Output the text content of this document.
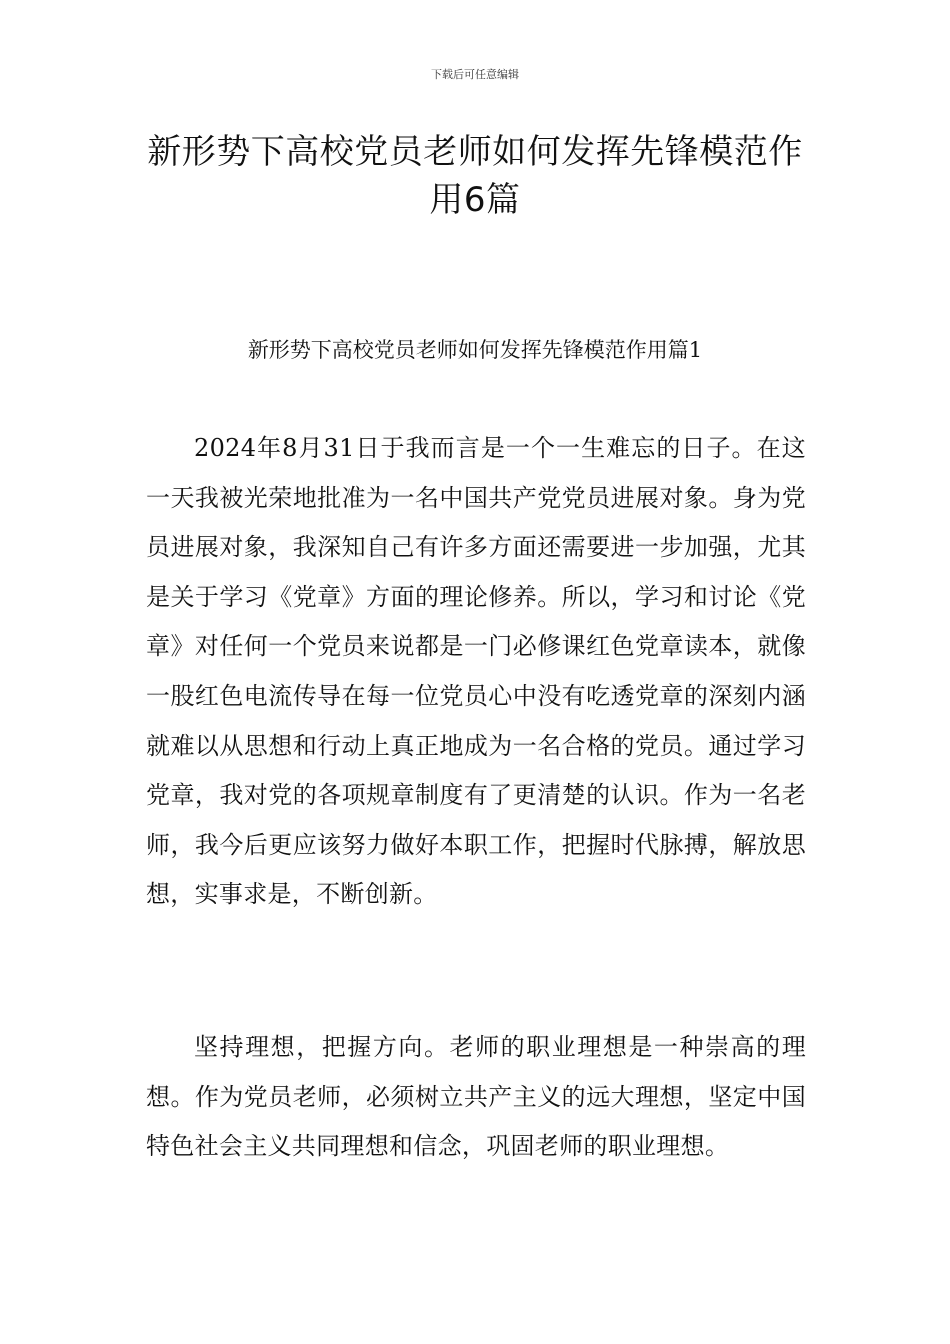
下载后可任意编辑
新形势下高校党员老师如何发挥先锋模范作用6篇
新形势下高校党员老师如何发挥先锋模范作用篇1

2024年8月31日于我而言是一个一生难忘的日子。在这一天我被光荣地批准为一名中国共产党党员进展对象。身为党员进展对象，我深知自己有许多方面还需要进一步加强，尤其是关于学习《党章》方面的理论修养。所以，学习和讨论《党章》对任何一个党员来说都是一门必修课红色党章读本，就像一股红色电流传导在每一位党员心中没有吃透党章的深刻内涵就难以从思想和行动上真正地成为一名合格的党员。通过学习党章，我对党的各项规章制度有了更清楚的认识。作为一名老师，我今后更应该努力做好本职工作，把握时代脉搏，解放思想，实事求是，不断创新。

坚持理想，把握方向。老师的职业理想是一种崇高的理想。作为党员老师，必须树立共产主义的远大理想，坚定中国特色社会主义共同理想和信念，巩固老师的职业理想。
